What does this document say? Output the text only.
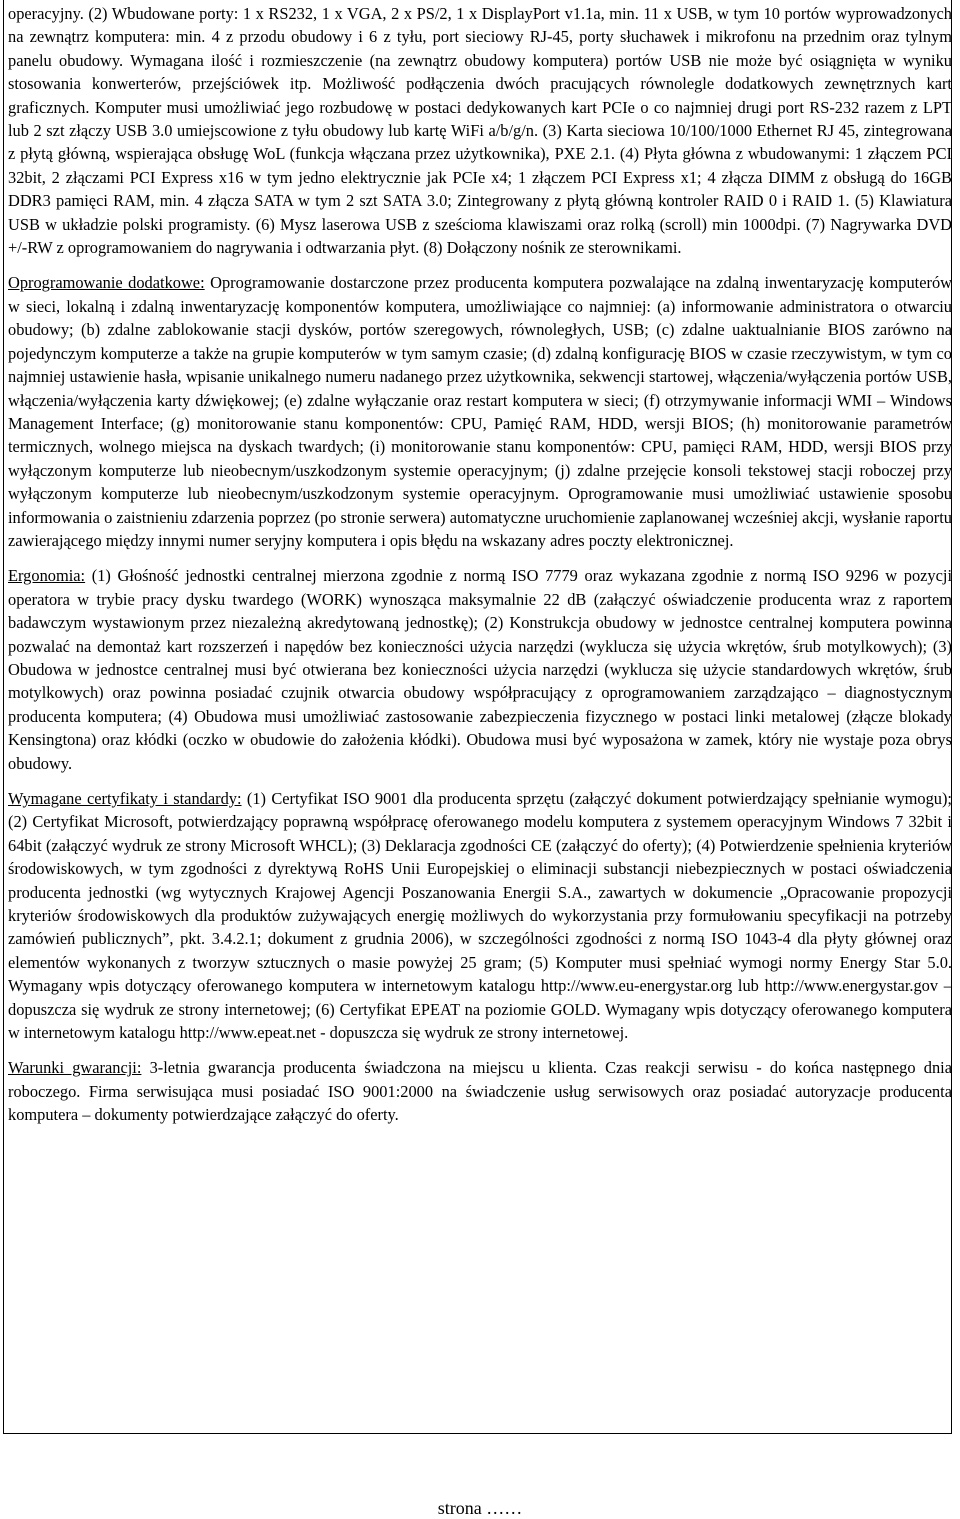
operacyjny. (2) Wbudowane porty: 1 x RS232, 1 x VGA, 2 x PS/2, 1 x DisplayPort v1.1a, min. 11 x USB, w tym 10 portów wyprowadzonych na zewnątrz komputera: min. 4 z przodu obudowy i 6 z tyłu, port sieciowy RJ-45, porty słuchawek i mikrofonu na przednim oraz tylnym panelu obudowy. Wymagana ilość i rozmieszczenie (na zewnątrz obudowy komputera) portów USB nie może być osiągnięta w wyniku stosowania konwerterów, przejściówek itp. Możliwość podłączenia dwóch pracujących równolegle dodatkowych zewnętrznych kart graficznych. Komputer musi umożliwiać jego rozbudowę w postaci dedykowanych kart PCIe o co najmniej drugi port RS-232 razem z LPT lub 2 szt złączy USB 3.0 umiejscowione z tyłu obudowy lub kartę WiFi a/b/g/n. (3) Karta sieciowa 10/100/1000 Ethernet RJ 45, zintegrowana z płytą główną, wspierająca obsługę WoL (funkcja włączana przez użytkownika), PXE 2.1. (4) Płyta główna z wbudowanymi: 1 złączem PCI 32bit, 2 złączami PCI Express x16 w tym jedno elektrycznie jak PCIe x4; 1 złączem PCI Express x1; 4 złącza DIMM z obsługą do 16GB DDR3 pamięci RAM, min. 4 złącza SATA w tym 2 szt SATA 3.0; Zintegrowany z płytą główną kontroler RAID 0 i RAID 1. (5) Klawiatura USB w układzie polski programisty. (6) Mysz laserowa USB z sześcioma klawiszami oraz rolką (scroll) min 1000dpi. (7) Nagrywarka DVD +/-RW z oprogramowaniem do nagrywania i odtwarzania płyt. (8) Dołączony nośnik ze sterownikami.

Oprogramowanie dodatkowe: Oprogramowanie dostarczone przez producenta komputera pozwalające na zdalną inwentaryzację komputerów w sieci, lokalną i zdalną inwentaryzację komponentów komputera, umożliwiające co najmniej: (a) informowanie administratora o otwarciu obudowy; (b) zdalne zablokowanie stacji dysków, portów szeregowych, równoległych, USB; (c) zdalne uaktualnianie BIOS zarówno na pojedynczym komputerze a także na grupie komputerów w tym samym czasie; (d) zdalną konfigurację BIOS w czasie rzeczywistym, w tym co najmniej ustawienie hasła, wpisanie unikalnego numeru nadanego przez użytkownika, sekwencji startowej, włączenia/wyłączenia portów USB, włączenia/wyłączenia karty dźwiękowej; (e) zdalne wyłączanie oraz restart komputera w sieci; (f) otrzymywanie informacji WMI – Windows Management Interface; (g) monitorowanie stanu komponentów: CPU, Pamięć RAM, HDD, wersji BIOS; (h) monitorowanie parametrów termicznych, wolnego miejsca na dyskach twardych; (i) monitorowanie stanu komponentów: CPU, pamięci RAM, HDD, wersji BIOS przy wyłączonym komputerze lub nieobecnym/uszkodzonym systemie operacyjnym; (j) zdalne przejęcie konsoli tekstowej stacji roboczej przy wyłączonym komputerze lub nieobecnym/uszkodzonym systemie operacyjnym. Oprogramowanie musi umożliwiać ustawienie sposobu informowania o zaistnieniu zdarzenia poprzez (po stronie serwera) automatyczne uruchomienie zaplanowanej wcześniej akcji, wysłanie raportu zawierającego między innymi numer seryjny komputera i opis błędu na wskazany adres poczty elektronicznej.

Ergonomia: (1) Głośność jednostki centralnej mierzona zgodnie z normą ISO 7779 oraz wykazana zgodnie z normą ISO 9296 w pozycji operatora w trybie pracy dysku twardego (WORK) wynosząca maksymalnie 22 dB (załączyć oświadczenie producenta wraz z raportem badawczym wystawionym przez niezależną akredytowaną jednostkę); (2) Konstrukcja obudowy w jednostce centralnej komputera powinna pozwalać na demontaż kart rozszerzeń i napędów bez konieczności użycia narzędzi (wyklucza się użycia wkrętów, śrub motylkowych); (3) Obudowa w jednostce centralnej musi być otwierana bez konieczności użycia narzędzi (wyklucza się użycie standardowych wkrętów, śrub motylkowych) oraz powinna posiadać czujnik otwarcia obudowy współpracujący z oprogramowaniem zarządzająco – diagnostycznym producenta komputera; (4) Obudowa musi umożliwiać zastosowanie zabezpieczenia fizycznego w postaci linki metalowej (złącze blokady Kensingtona) oraz kłódki (oczko w obudowie do założenia kłódki). Obudowa musi być wyposażona w zamek, który nie wystaje poza obrys obudowy.

Wymagane certyfikaty i standardy: (1) Certyfikat ISO 9001 dla producenta sprzętu (załączyć dokument potwierdzający spełnianie wymogu); (2) Certyfikat Microsoft, potwierdzający poprawną współpracę oferowanego modelu komputera z systemem operacyjnym Windows 7 32bit i 64bit (załączyć wydruk ze strony Microsoft WHCL); (3) Deklaracja zgodności CE (załączyć do oferty); (4) Potwierdzenie spełnienia kryteriów środowiskowych, w tym zgodności z dyrektywą RoHS Unii Europejskiej o eliminacji substancji niebezpiecznych w postaci oświadczenia producenta jednostki (wg wytycznych Krajowej Agencji Poszanowania Energii S.A., zawartych w dokumencie „Opracowanie propozycji kryteriów środowiskowych dla produktów zużywających energię możliwych do wykorzystania przy formułowaniu specyfikacji na potrzeby zamówień publicznych”, pkt. 3.4.2.1; dokument z grudnia 2006), w szczególności zgodności z normą ISO 1043-4 dla płyty głównej oraz elementów wykonanych z tworzyw sztucznych o masie powyżej 25 gram; (5) Komputer musi spełniać wymogi normy Energy Star 5.0. Wymagany wpis dotyczący oferowanego komputera w internetowym katalogu http://www.eu-energystar.org lub http://www.energystar.gov – dopuszcza się wydruk ze strony internetowej; (6) Certyfikat EPEAT na poziomie GOLD. Wymagany wpis dotyczący oferowanego komputera w internetowym katalogu http://www.epeat.net - dopuszcza się wydruk ze strony internetowej.

Warunki gwarancji: 3-letnia gwarancja producenta świadczona na miejscu u klienta. Czas reakcji serwisu - do końca następnego dnia roboczego. Firma serwisująca musi posiadać ISO 9001:2000 na świadczenie usług serwisowych oraz posiadać autoryzacje producenta komputera – dokumenty potwierdzające załączyć do oferty.

strona ……
